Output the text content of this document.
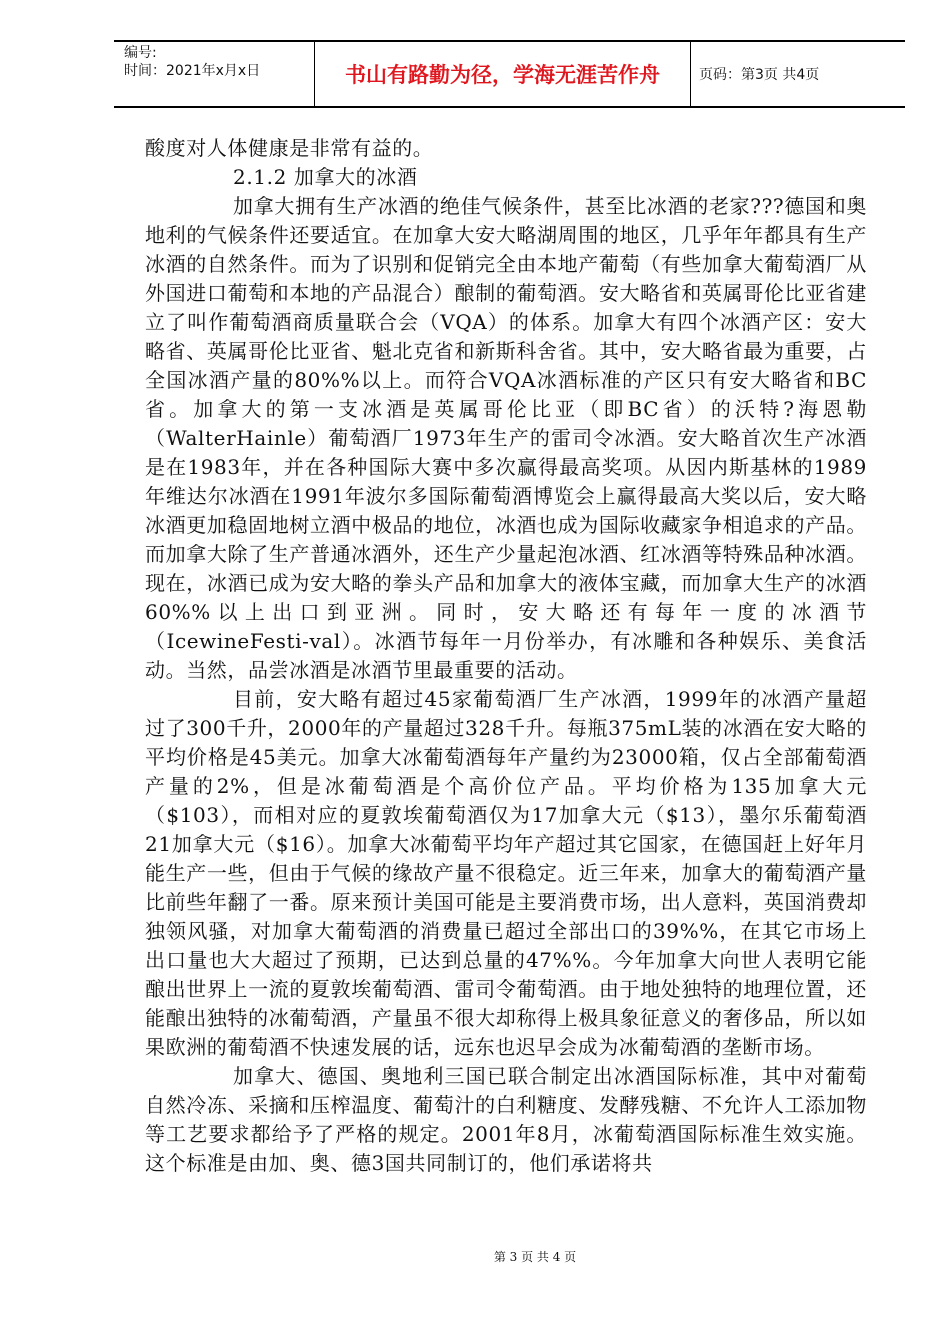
编号:
时间：2021年x月x日	书山有路勤为径，学海无涯苦作舟	页码：第3页 共4页

酸度对人体健康是非常有益的。

2.1.2 加拿大的冰酒

加拿大拥有生产冰酒的绝佳气候条件，甚至比冰酒的老家???德国和奥地利的气候条件还要适宜。在加拿大安大略湖周围的地区，几乎年年都具有生产冰酒的自然条件。而为了识别和促销完全由本地产葡萄（有些加拿大葡萄酒厂从外国进口葡萄和本地的产品混合）酿制的葡萄酒。安大略省和英属哥伦比亚省建立了叫作葡萄酒商质量联合会（VQA）的体系。加拿大有四个冰酒产区：安大略省、英属哥伦比亚省、魁北克省和新斯科舍省。其中，安大略省最为重要，占全国冰酒产量的80%%以上。而符合VQA冰酒标准的产区只有安大略省和BC省。加拿大的第一支冰酒是英属哥伦比亚（即BC省）的沃特?海恩勒（WalterHainle）葡萄酒厂1973年生产的雷司令冰酒。安大略首次生产冰酒是在1983年，并在各种国际大赛中多次赢得最高奖项。从因内斯基林的1989年维达尔冰酒在1991年波尔多国际葡萄酒博览会上赢得最高大奖以后，安大略冰酒更加稳固地树立酒中极品的地位，冰酒也成为国际收藏家争相追求的产品。而加拿大除了生产普通冰酒外，还生产少量起泡冰酒、红冰酒等特殊品种冰酒。现在，冰酒已成为安大略的拳头产品和加拿大的液体宝藏，而加拿大生产的冰酒60%%以上出口到亚洲。同时，安大略还有每年一度的冰酒节（IcewineFesti-val）。冰酒节每年一月份举办，有冰雕和各种娱乐、美食活动。当然，品尝冰酒是冰酒节里最重要的活动。

目前，安大略有超过45家葡萄酒厂生产冰酒，1999年的冰酒产量超过了300千升，2000年的产量超过328千升。每瓶375mL装的冰酒在安大略的平均价格是45美元。加拿大冰葡萄酒每年产量约为23000箱，仅占全部葡萄酒产量的2%，但是冰葡萄酒是个高价位产品。平均价格为135加拿大元（$103），而相对应的夏敦埃葡萄酒仅为17加拿大元（$13），墨尔乐葡萄酒21加拿大元（$16）。加拿大冰葡萄平均年产超过其它国家，在德国赶上好年月能生产一些，但由于气候的缘故产量不很稳定。近三年来，加拿大的葡萄酒产量比前些年翻了一番。原来预计美国可能是主要消费市场，出人意料，英国消费却独领风骚，对加拿大葡萄酒的消费量已超过全部出口的39%%，在其它市场上出口量也大大超过了预期，已达到总量的47%%。今年加拿大向世人表明它能酿出世界上一流的夏敦埃葡萄酒、雷司令葡萄酒。由于地处独特的地理位置，还能酿出独特的冰葡萄酒，产量虽不很大却称得上极具象征意义的奢侈品，所以如果欧洲的葡萄酒不快速发展的话，远东也迟早会成为冰葡萄酒的垄断市场。

加拿大、德国、奥地利三国已联合制定出冰酒国际标准，其中对葡萄自然冷冻、采摘和压榨温度、葡萄汁的白利糖度、发酵残糖、不允许人工添加物等工艺要求都给予了严格的规定。2001年8月，冰葡萄酒国际标准生效实施。这个标准是由加、奥、德3国共同制订的，他们承诺将共

第 3 页 共 4 页
